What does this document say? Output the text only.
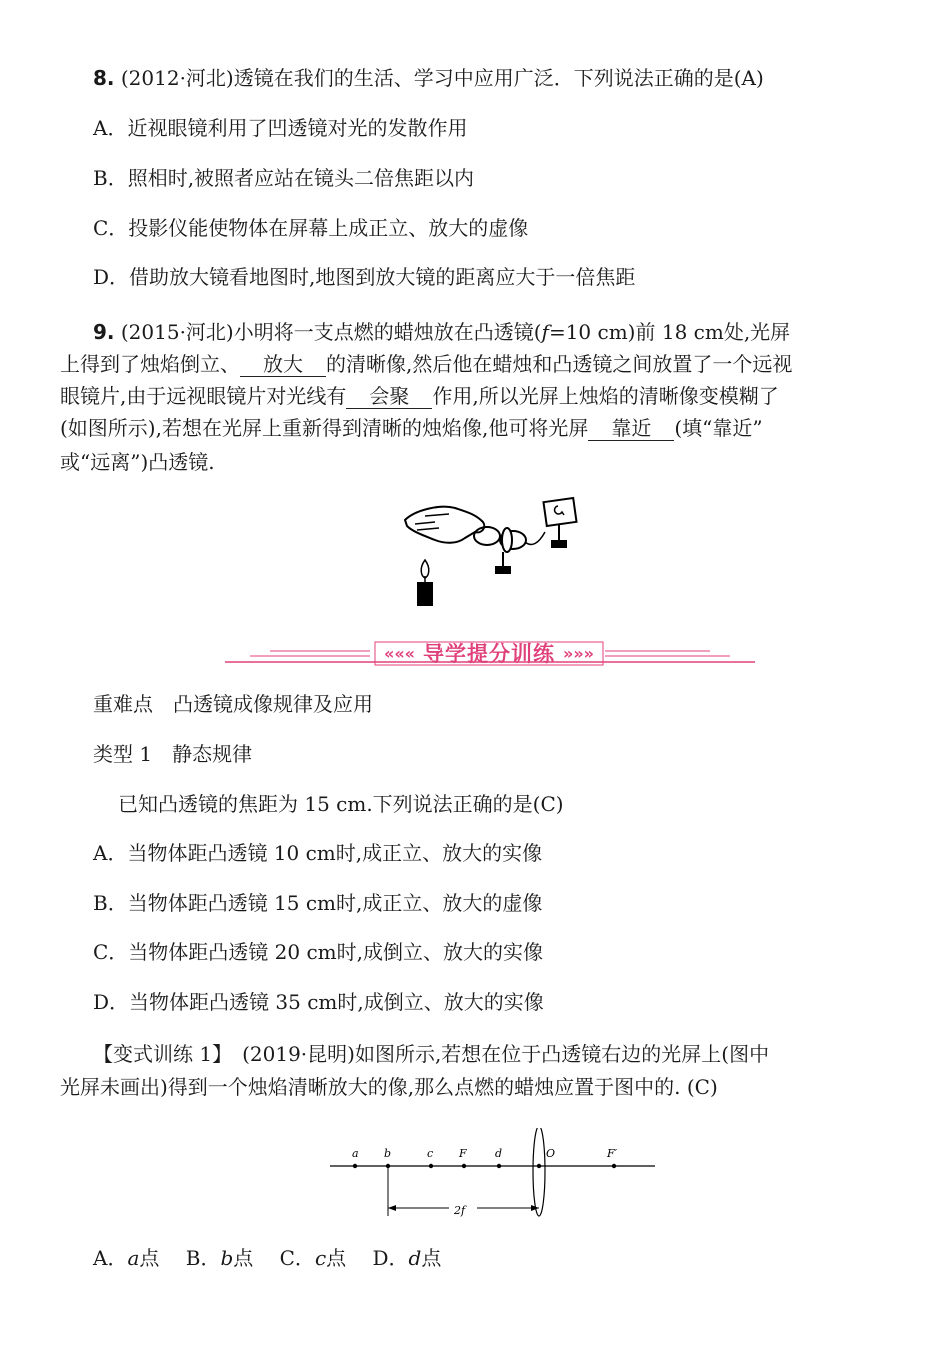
8. (2012·河北)透镜在我们的生活、学习中应用广泛．下列说法正确的是(A)
A．近视眼镜利用了凹透镜对光的发散作用
B．照相时,被照者应站在镜头二倍焦距以内
C．投影仪能使物体在屏幕上成正立、放大的虚像
D．借助放大镜看地图时,地图到放大镜的距离应大于一倍焦距
9. (2015·河北)小明将一支点燃的蜡烛放在凸透镜(f=10 cm)前 18 cm处,光屏
上得到了烛焰倒立、 放大 的清晰像,然后他在蜡烛和凸透镜之间放置了一个远视
眼镜片,由于远视眼镜片对光线有 会聚 作用,所以光屏上烛焰的清晰像变模糊了
(如图所示),若想在光屏上重新得到清晰的烛焰像,他可将光屏 靠近 (填“靠近”
或“远离”)凸透镜.
««« 导学提分训练 »»»
重难点　凸透镜成像规律及应用
类型 1　静态规律
已知凸透镜的焦距为 15 cm.下列说法正确的是(C)
A．当物体距凸透镜 10 cm时,成正立、放大的实像
B．当物体距凸透镜 15 cm时,成正立、放大的虚像
C．当物体距凸透镜 20 cm时,成倒立、放大的实像
D．当物体距凸透镜 35 cm时,成倒立、放大的实像
【变式训练 1】　 (2019·昆明)如图所示,若想在位于凸透镜右边的光屏上(图中
光屏未画出)得到一个烛焰清晰放大的像,那么点燃的蜡烛应置于图中的. (C)
a b	c F	d	O	F′
2f
A．a点　 B．b点　 C．c点　 D．d点
